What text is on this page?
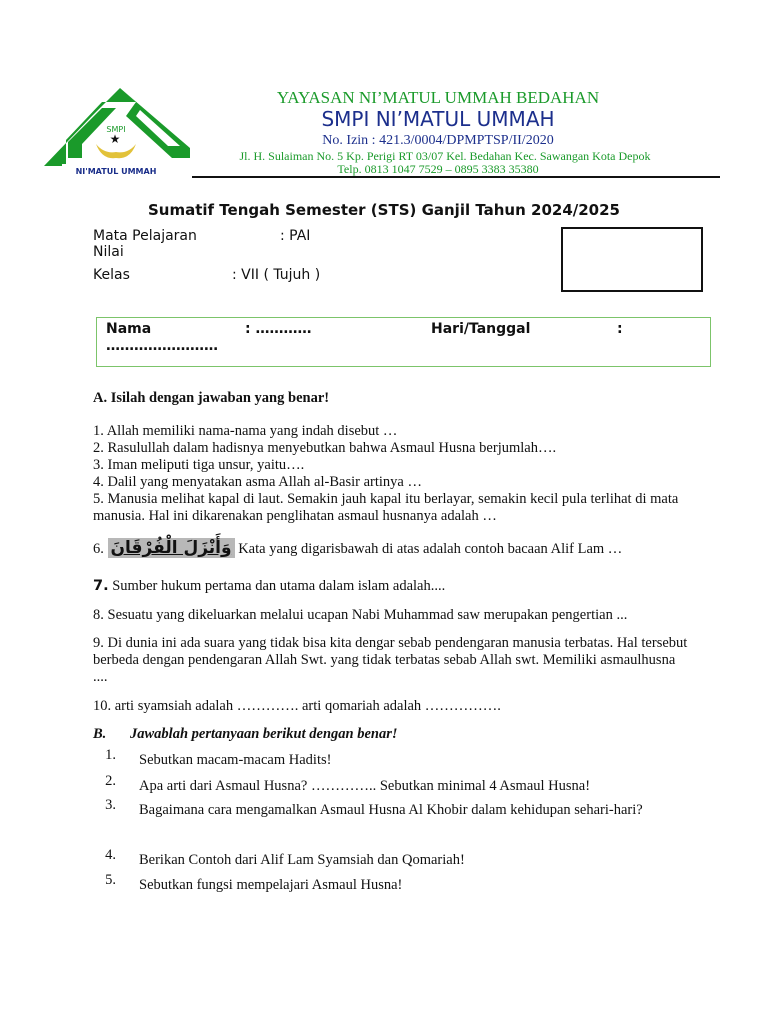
SMPI
★
NI'MATUL UMMAH
YAYASAN NI’MATUL UMMAH BEDAHAN
SMPI NI’MATUL UMMAH
No. Izin : 421.3/0004/DPMPTSP/II/2020
Jl. H. Sulaiman No. 5 Kp. Perigi RT 03/07 Kel. Bedahan Kec. Sawangan Kota Depok
Telp. 0813 1047 7529 – 0895 3383 35380
Sumatif Tengah Semester (STS) Ganjil Tahun 2024/2025
Mata Pelajaran	: PAI
Nilai
Kelas	: VII ( Tujuh )
Nama	: …………	Hari/Tanggal	:
……………………
A. Isilah dengan jawaban yang benar!
1. Allah memiliki nama-nama yang indah disebut …
2. Rasulullah dalam hadisnya menyebutkan bahwa Asmaul Husna berjumlah….
3. Iman meliputi tiga unsur, yaitu….
4. Dalil yang menyatakan asma Allah al-Basir artinya …
5. Manusia melihat kapal di laut. Semakin jauh kapal itu berlayar, semakin kecil pula terlihat di mata manusia. Hal ini dikarenakan penglihatan asmaul husnanya adalah …
6. وَأَنْزَلَ الْفُرْقَانَ Kata yang digarisbawah di atas adalah contoh bacaan Alif Lam …
7. Sumber hukum pertama dan utama dalam islam adalah....
8. Sesuatu yang dikeluarkan melalui ucapan Nabi Muhammad saw merupakan pengertian ...
9. Di dunia ini ada suara yang tidak bisa kita dengar sebab pendengaran manusia terbatas. Hal tersebut berbeda dengan pendengaran Allah Swt. yang tidak terbatas sebab Allah swt. Memiliki asmaulhusna ....
10. arti syamsiah adalah …………. arti qomariah adalah …………….
B. Jawablah pertanyaan berikut dengan benar!
1. Sebutkan macam-macam Hadits!
2. Apa arti dari Asmaul Husna? ………….. Sebutkan minimal 4 Asmaul Husna!
3. Bagaimana cara mengamalkan Asmaul Husna Al Khobir dalam kehidupan sehari-hari?
4. Berikan Contoh dari Alif Lam Syamsiah dan Qomariah!
5. Sebutkan fungsi mempelajari Asmaul Husna!
